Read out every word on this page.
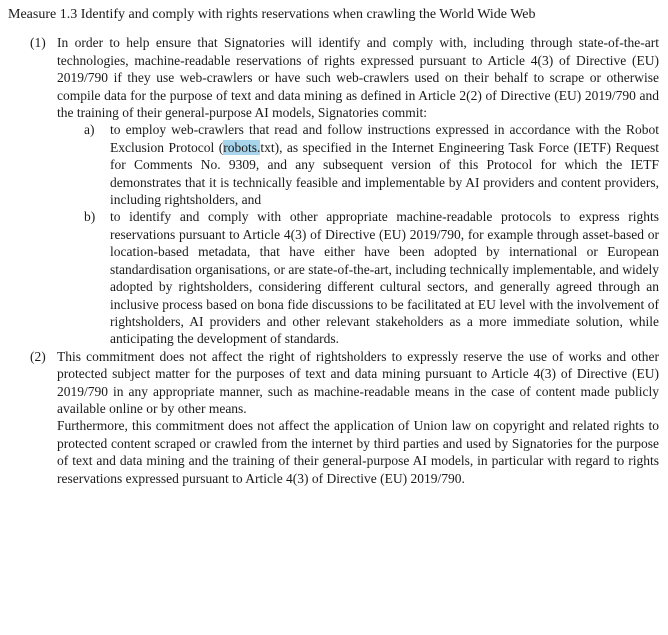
Measure 1.3 Identify and comply with rights reservations when crawling the World Wide Web

(1) In order to help ensure that Signatories will identify and comply with, including through state-of-the-art technologies, machine-readable reservations of rights expressed pursuant to Article 4(3) of Directive (EU) 2019/790 if they use web-crawlers or have such web-crawlers used on their behalf to scrape or otherwise compile data for the purpose of text and data mining as defined in Article 2(2) of Directive (EU) 2019/790 and the training of their general-purpose AI models, Signatories commit:

a) to employ web-crawlers that read and follow instructions expressed in accordance with the Robot Exclusion Protocol (robots.txt), as specified in the Internet Engineering Task Force (IETF) Request for Comments No. 9309, and any subsequent version of this Protocol for which the IETF demonstrates that it is technically feasible and implementable by AI providers and content providers, including rightsholders, and

b) to identify and comply with other appropriate machine-readable protocols to express rights reservations pursuant to Article 4(3) of Directive (EU) 2019/790, for example through asset-based or location-based metadata, that have either have been adopted by international or European standardisation organisations, or are state-of-the-art, including technically implementable, and widely adopted by rightsholders, considering different cultural sectors, and generally agreed through an inclusive process based on bona fide discussions to be facilitated at EU level with the involvement of rightsholders, AI providers and other relevant stakeholders as a more immediate solution, while anticipating the development of standards.

(2) This commitment does not affect the right of rightsholders to expressly reserve the use of works and other protected subject matter for the purposes of text and data mining pursuant to Article 4(3) of Directive (EU) 2019/790 in any appropriate manner, such as machine-readable means in the case of content made publicly available online or by other means.

Furthermore, this commitment does not affect the application of Union law on copyright and related rights to protected content scraped or crawled from the internet by third parties and used by Signatories for the purpose of text and data mining and the training of their general-purpose AI models, in particular with regard to rights reservations expressed pursuant to Article 4(3) of Directive (EU) 2019/790.
